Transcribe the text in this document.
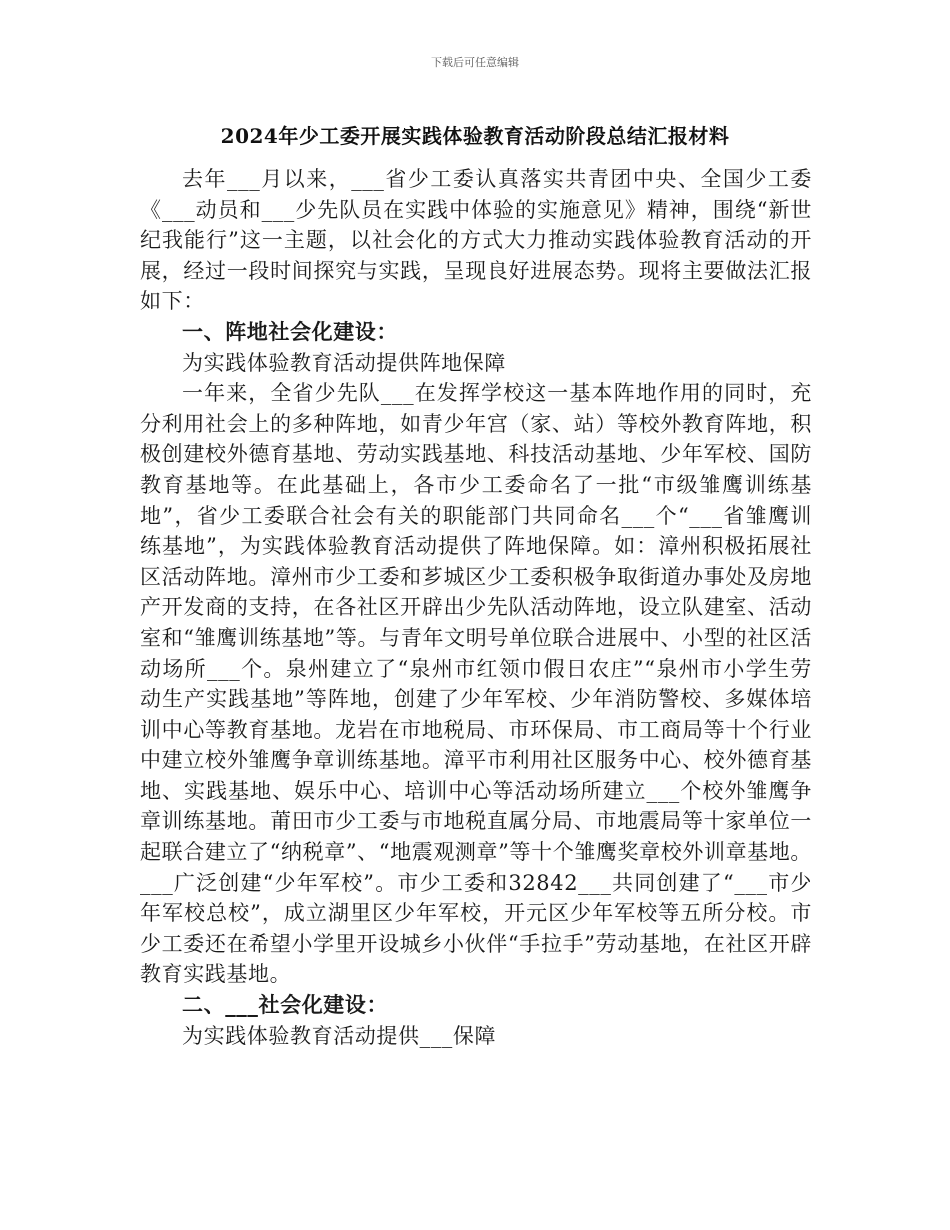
下载后可任意编辑
2024年少工委开展实践体验教育活动阶段总结汇报材料

去年___月以来，___省少工委认真落实共青团中央、全国少工委《___动员和___少先队员在实践中体验的实施意见》精神，围绕“新世纪我能行”这一主题，以社会化的方式大力推动实践体验教育活动的开展，经过一段时间探究与实践，呈现良好进展态势。现将主要做法汇报如下：

一、阵地社会化建设：

为实践体验教育活动提供阵地保障

一年来，全省少先队___在发挥学校这一基本阵地作用的同时，充分利用社会上的多种阵地，如青少年宫（家、站）等校外教育阵地，积极创建校外德育基地、劳动实践基地、科技活动基地、少年军校、国防教育基地等。在此基础上，各市少工委命名了一批“市级雏鹰训练基地”，省少工委联合社会有关的职能部门共同命名___个“___省雏鹰训练基地”，为实践体验教育活动提供了阵地保障。如：漳州积极拓展社区活动阵地。漳州市少工委和芗城区少工委积极争取街道办事处及房地产开发商的支持，在各社区开辟出少先队活动阵地，设立队建室、活动室和“雏鹰训练基地”等。与青年文明号单位联合进展中、小型的社区活动场所___个。泉州建立了“泉州市红领巾假日农庄”“泉州市小学生劳动生产实践基地”等阵地，创建了少年军校、少年消防警校、多媒体培训中心等教育基地。龙岩在市地税局、市环保局、市工商局等十个行业中建立校外雏鹰争章训练基地。漳平市利用社区服务中心、校外德育基地、实践基地、娱乐中心、培训中心等活动场所建立___个校外雏鹰争章训练基地。莆田市少工委与市地税直属分局、市地震局等十家单位一起联合建立了“纳税章”、“地震观测章”等十个雏鹰奖章校外训章基地。___广泛创建“少年军校”。市少工委和32842___共同创建了“___市少年军校总校”，成立湖里区少年军校，开元区少年军校等五所分校。市少工委还在希望小学里开设城乡小伙伴“手拉手”劳动基地，在社区开辟教育实践基地。

二、___社会化建设：

为实践体验教育活动提供___保障
